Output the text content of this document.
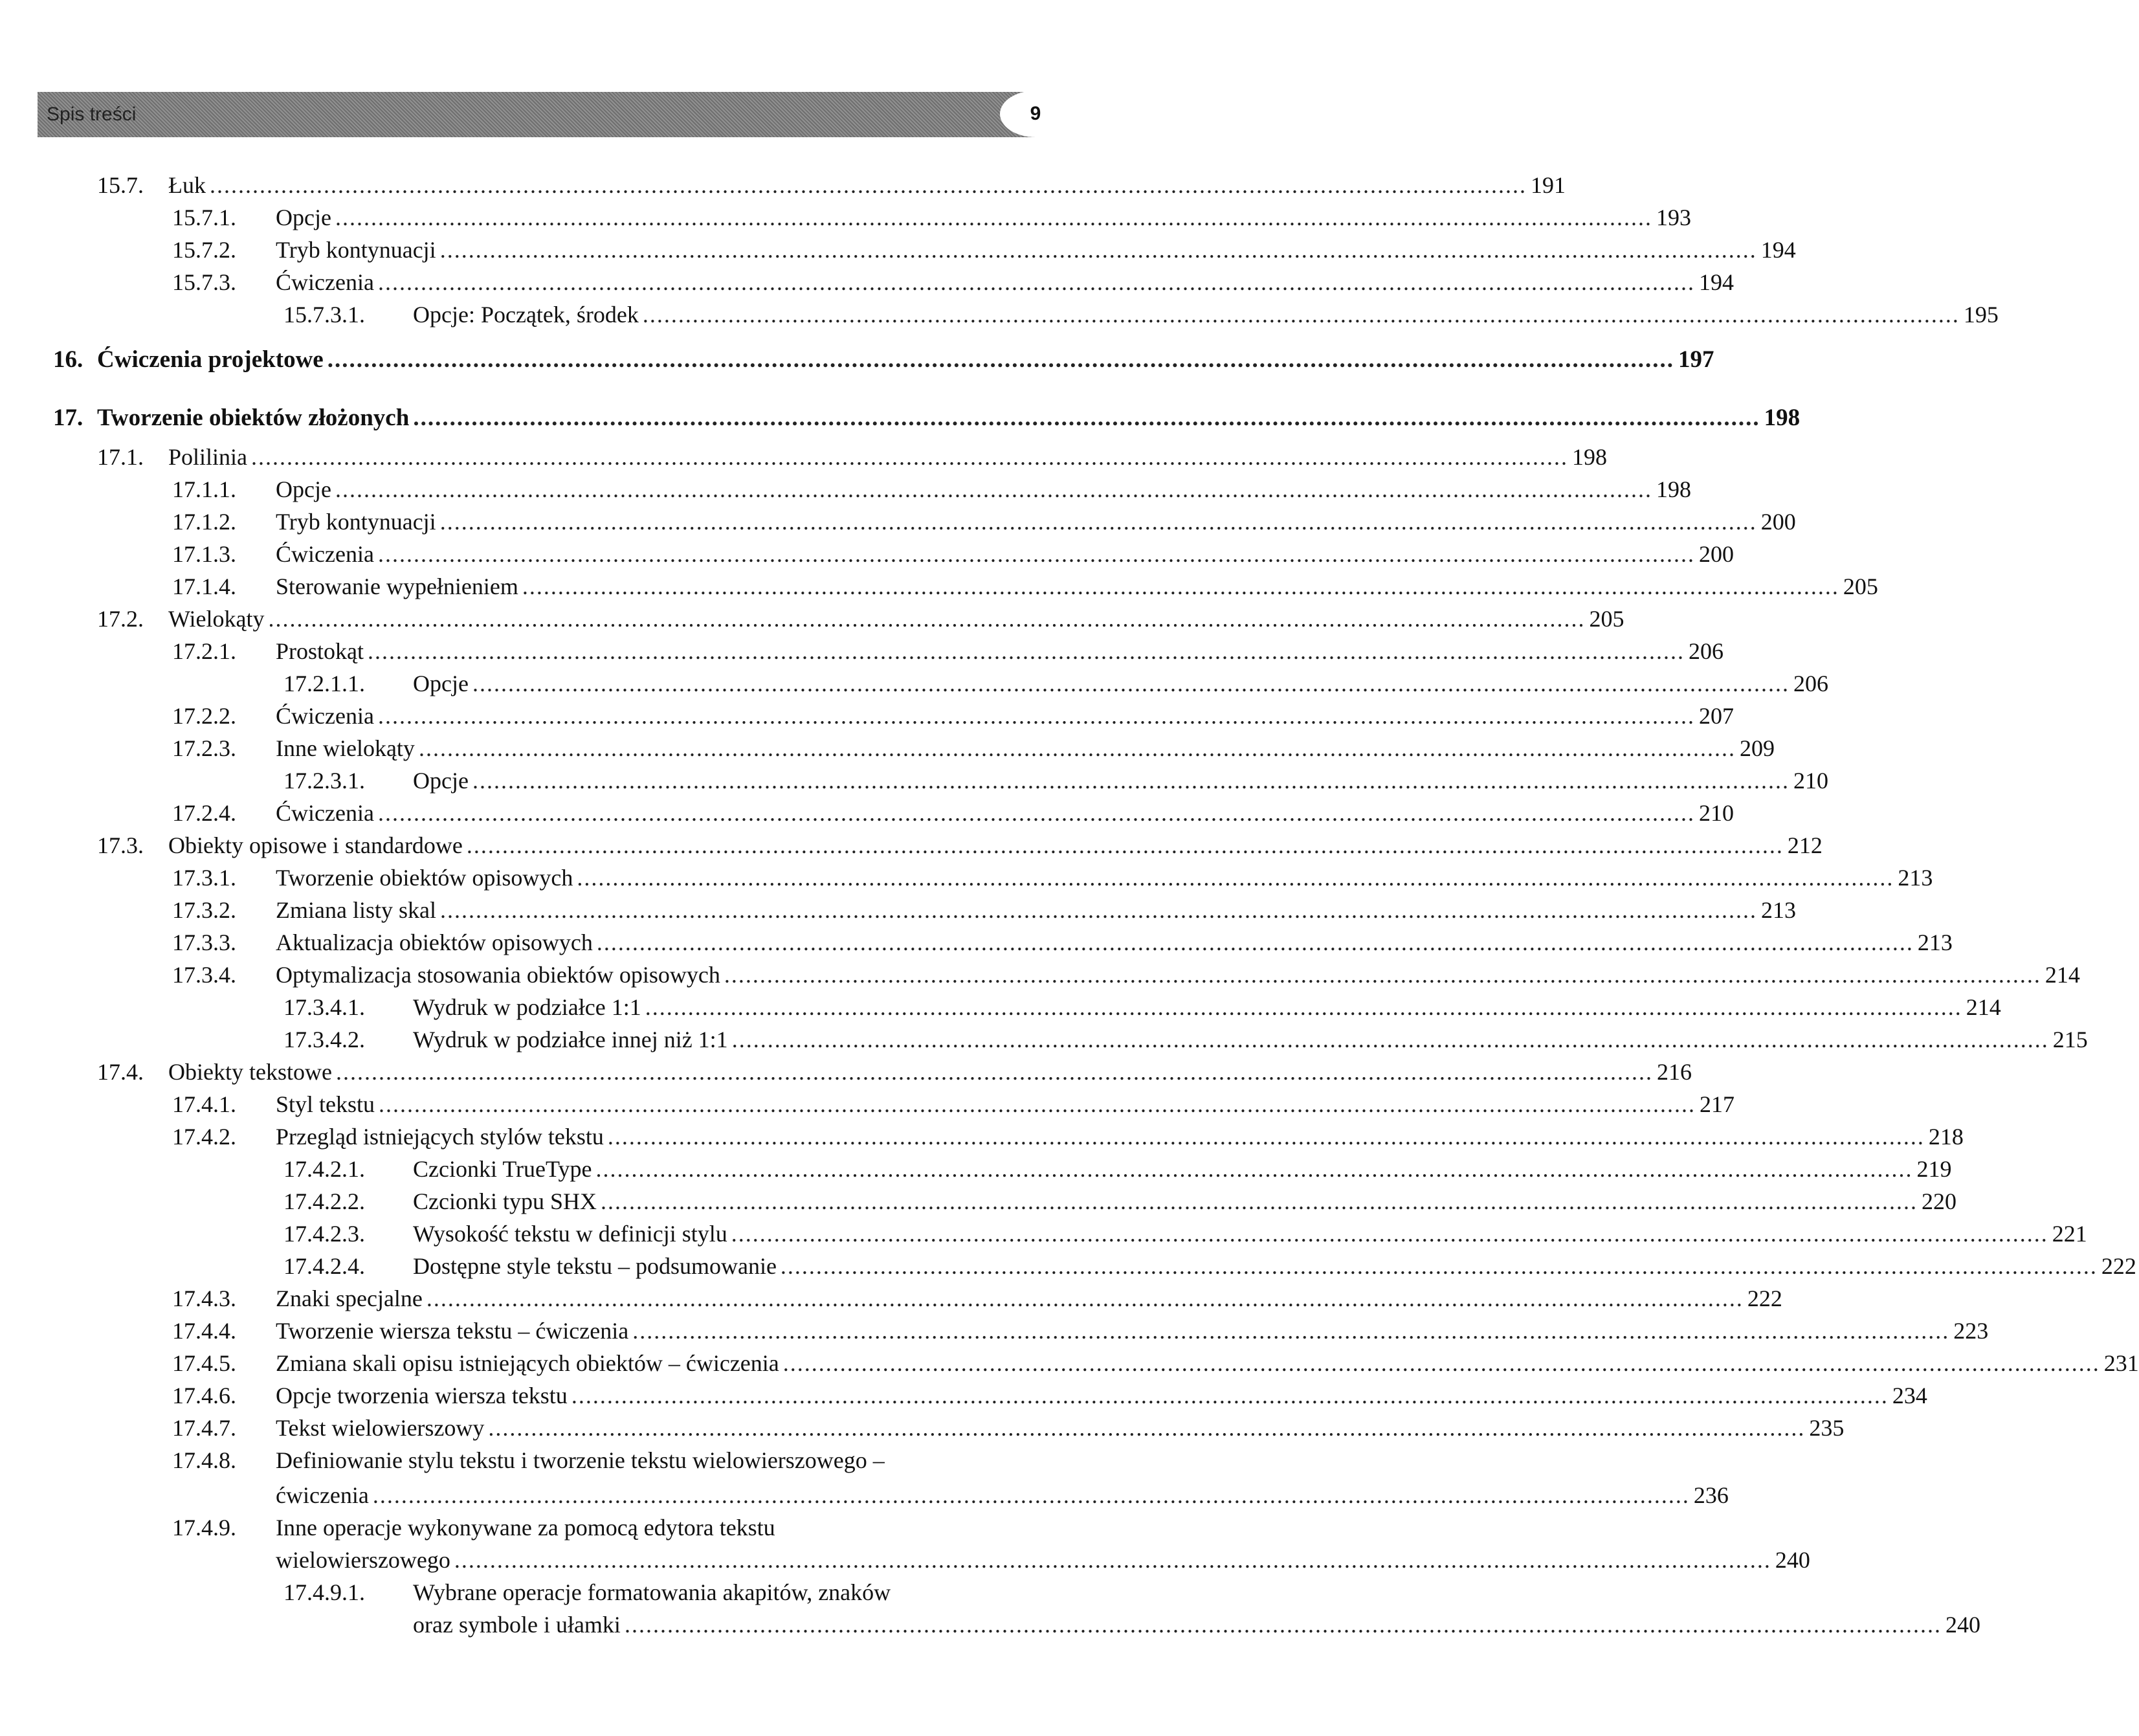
Spis treści	9
15.7. Łuk ......................................................................................................................................................................................... 191
15.7.1. Opcje ......................................................................................................................................................................................... 193
15.7.2. Tryb kontynuacji ......................................................................................................................................................................................... 194
15.7.3. Ćwiczenia ......................................................................................................................................................................................... 194
15.7.3.1. Opcje: Początek, środek ......................................................................................................................................................................................... 195
16. Ćwiczenia projektowe ......................................................................................................................................................................................... 197
17. Tworzenie obiektów złożonych ......................................................................................................................................................................................... 198
17.1. Polilinia ......................................................................................................................................................................................... 198
17.1.1. Opcje ......................................................................................................................................................................................... 198
17.1.2. Tryb kontynuacji ......................................................................................................................................................................................... 200
17.1.3. Ćwiczenia ......................................................................................................................................................................................... 200
17.1.4. Sterowanie wypełnieniem ......................................................................................................................................................................................... 205
17.2. Wielokąty ......................................................................................................................................................................................... 205
17.2.1. Prostokąt ......................................................................................................................................................................................... 206
17.2.1.1. Opcje ......................................................................................................................................................................................... 206
17.2.2. Ćwiczenia ......................................................................................................................................................................................... 207
17.2.3. Inne wielokąty ......................................................................................................................................................................................... 209
17.2.3.1. Opcje ......................................................................................................................................................................................... 210
17.2.4. Ćwiczenia ......................................................................................................................................................................................... 210
17.3. Obiekty opisowe i standardowe ......................................................................................................................................................................................... 212
17.3.1. Tworzenie obiektów opisowych ......................................................................................................................................................................................... 213
17.3.2. Zmiana listy skal ......................................................................................................................................................................................... 213
17.3.3. Aktualizacja obiektów opisowych ......................................................................................................................................................................................... 213
17.3.4. Optymalizacja stosowania obiektów opisowych ......................................................................................................................................................................................... 214
17.3.4.1. Wydruk w podziałce 1:1 ......................................................................................................................................................................................... 214
17.3.4.2. Wydruk w podziałce innej niż 1:1 ......................................................................................................................................................................................... 215
17.4. Obiekty tekstowe ......................................................................................................................................................................................... 216
17.4.1. Styl tekstu ......................................................................................................................................................................................... 217
17.4.2. Przegląd istniejących stylów tekstu ......................................................................................................................................................................................... 218
17.4.2.1. Czcionki TrueType ......................................................................................................................................................................................... 219
17.4.2.2. Czcionki typu SHX ......................................................................................................................................................................................... 220
17.4.2.3. Wysokość tekstu w definicji stylu ......................................................................................................................................................................................... 221
17.4.2.4. Dostępne style tekstu – podsumowanie ......................................................................................................................................................................................... 222
17.4.3. Znaki specjalne ......................................................................................................................................................................................... 222
17.4.4. Tworzenie wiersza tekstu – ćwiczenia ......................................................................................................................................................................................... 223
17.4.5. Zmiana skali opisu istniejących obiektów – ćwiczenia ......................................................................................................................................................................................... 231
17.4.6. Opcje tworzenia wiersza tekstu ......................................................................................................................................................................................... 234
17.4.7. Tekst wielowierszowy ......................................................................................................................................................................................... 235
17.4.8. Definiowanie stylu tekstu i tworzenie tekstu wielowierszowego –
ćwiczenia ......................................................................................................................................................................................... 236
17.4.9. Inne operacje wykonywane za pomocą edytora tekstu
wielowierszowego ......................................................................................................................................................................................... 240
17.4.9.1. Wybrane operacje formatowania akapitów, znaków
oraz symbole i ułamki ......................................................................................................................................................................................... 240
